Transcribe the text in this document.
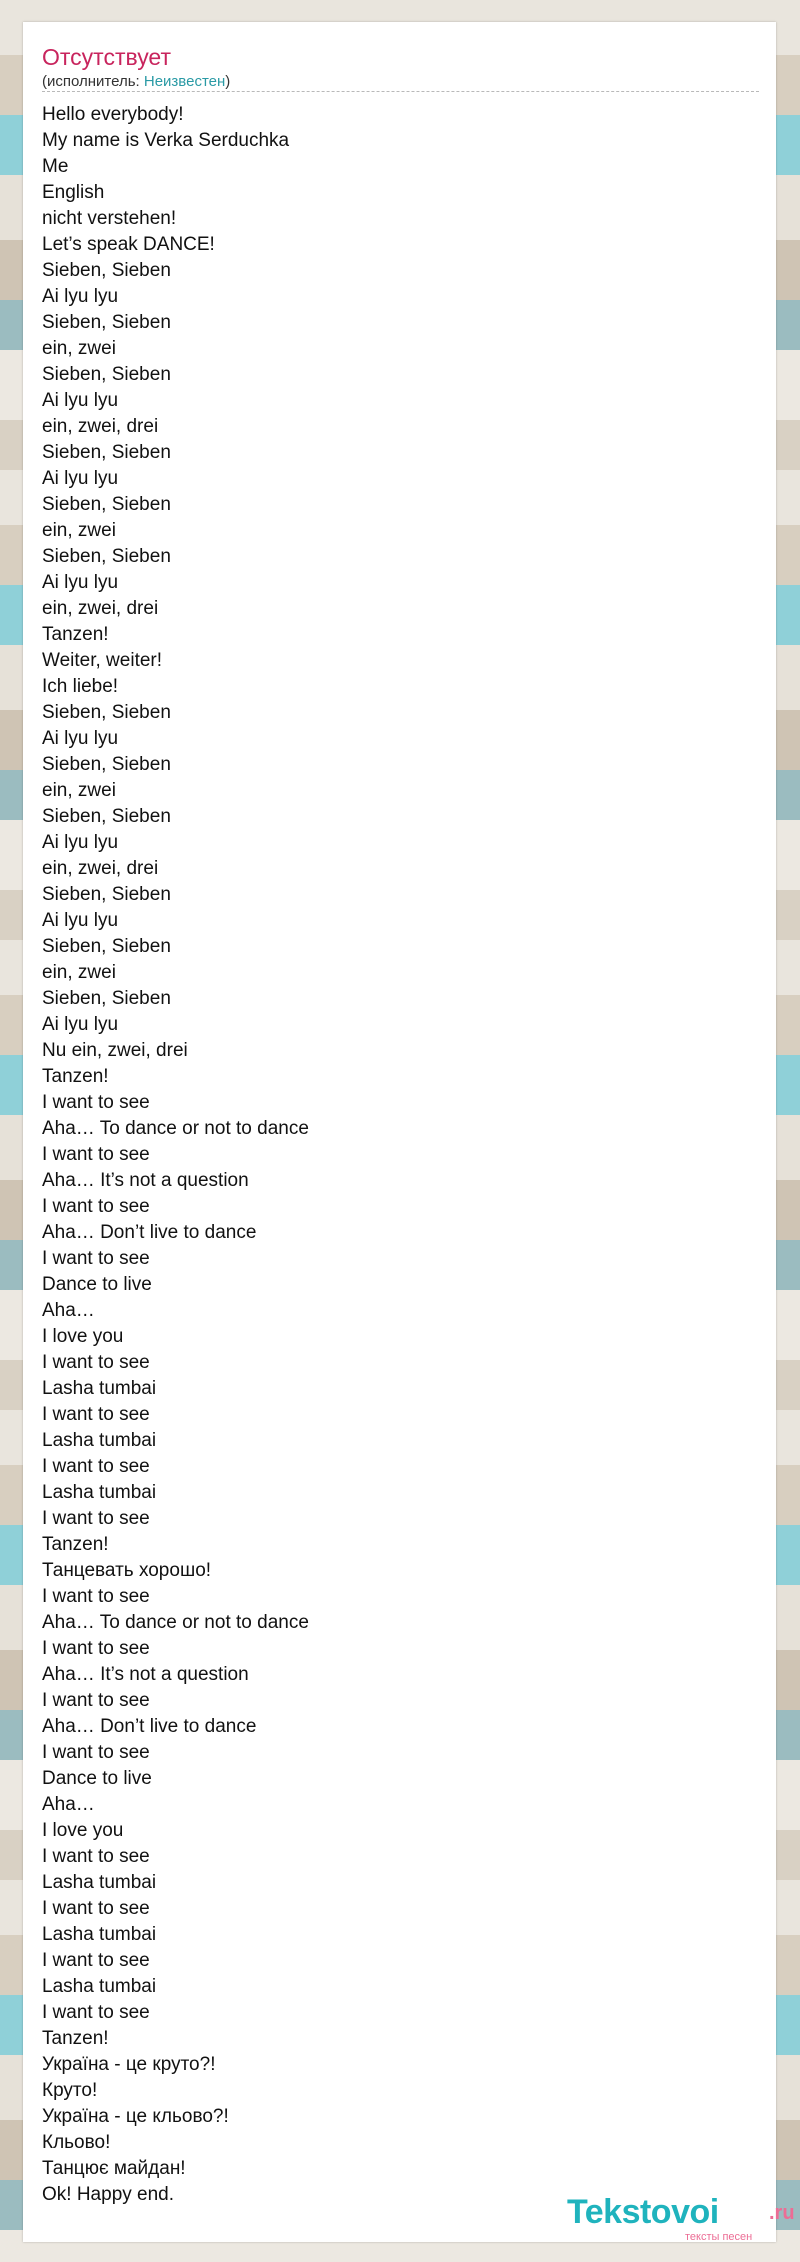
Отсутствует
(исполнитель: Неизвестен)
Hello everybody!
My name is Verka Serduchka
Me
English
nicht verstehen!
Let’s speak DANCE!
Sieben, Sieben
Ai lyu lyu
Sieben, Sieben
ein, zwei
Sieben, Sieben
Ai lyu lyu
ein, zwei, drei
Sieben, Sieben
Ai lyu lyu
Sieben, Sieben
ein, zwei
Sieben, Sieben
Ai lyu lyu
ein, zwei, drei
Tanzen!
Weiter, weiter!
Ich liebe!
Sieben, Sieben
Ai lyu lyu
Sieben, Sieben
ein, zwei
Sieben, Sieben
Ai lyu lyu
ein, zwei, drei
Sieben, Sieben
Ai lyu lyu
Sieben, Sieben
ein, zwei
Sieben, Sieben
Ai lyu lyu
Nu ein, zwei, drei
Tanzen!
I want to see
Aha… To dance or not to dance
I want to see
Aha… It’s not a question
I want to see
Aha… Don’t live to dance
I want to see
Dance to live
Aha…
I love you
I want to see
Lasha tumbai
I want to see
Lasha tumbai
I want to see
Lasha tumbai
I want to see
Tanzen!
Танцевать хорошо!
I want to see
Aha… To dance or not to dance
I want to see
Aha… It’s not a question
I want to see
Aha… Don’t live to dance
I want to see
Dance to live
Aha…
I love you
I want to see
Lasha tumbai
I want to see
Lasha tumbai
I want to see
Lasha tumbai
I want to see
Tanzen!
Україна - це круто?!
Круто!
Україна - це кльово?!
Кльово!
Танцює майдан!
Ok! Happy end.	Tekstovoi	.ru
тексты песен
